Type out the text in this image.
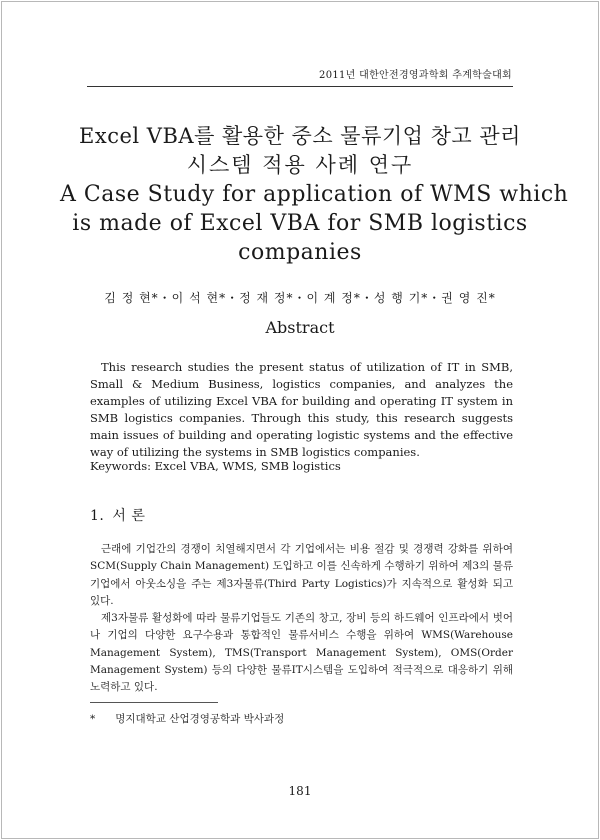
2011년 대한안전경영과학회 추계학술대회
Excel VBA를 활용한 중소 물류기업 창고 관리
시스템 적용 사례 연구
A Case Study for application of WMS which
is made of Excel VBA for SMB logistics
companies
김 정 현*・이 석 현*・정 재 정*・이 계 정*・성 행 기*・권 영 진*
Abstract
This research studies the present status of utilization of IT in SMB, Small & Medium Business, logistics companies, and analyzes the examples of utilizing Excel VBA for building and operating IT system in SMB logistics companies. Through this study, this research suggests main issues of building and operating logistic systems and the effective way of utilizing the systems in SMB logistics companies.
Keywords: Excel VBA, WMS, SMB logistics
1. 서 론

근래에 기업간의 경쟁이 치열해지면서 각 기업에서는 비용 절감 및 경쟁력 강화를 위하여 SCM(Supply Chain Management) 도입하고 이를 신속하게 수행하기 위하여 제3의 물류기업에서 아웃소싱을 주는 제3자물류(Third Party Logistics)가 지속적으로 활성화 되고 있다.

제3자물류 활성화에 따라 물류기업들도 기존의 창고, 장비 등의 하드웨어 인프라에서 벗어나 기업의 다양한 요구수용과 통합적인 물류서비스 수행을 위하여 WMS(Warehouse Management System), TMS(Transport Management System), OMS(Order Management System) 등의 다양한 물류IT시스템을 도입하여 적극적으로 대응하기 위해 노력하고 있다.

* 명지대학교 산업경영공학과 박사과정
181
